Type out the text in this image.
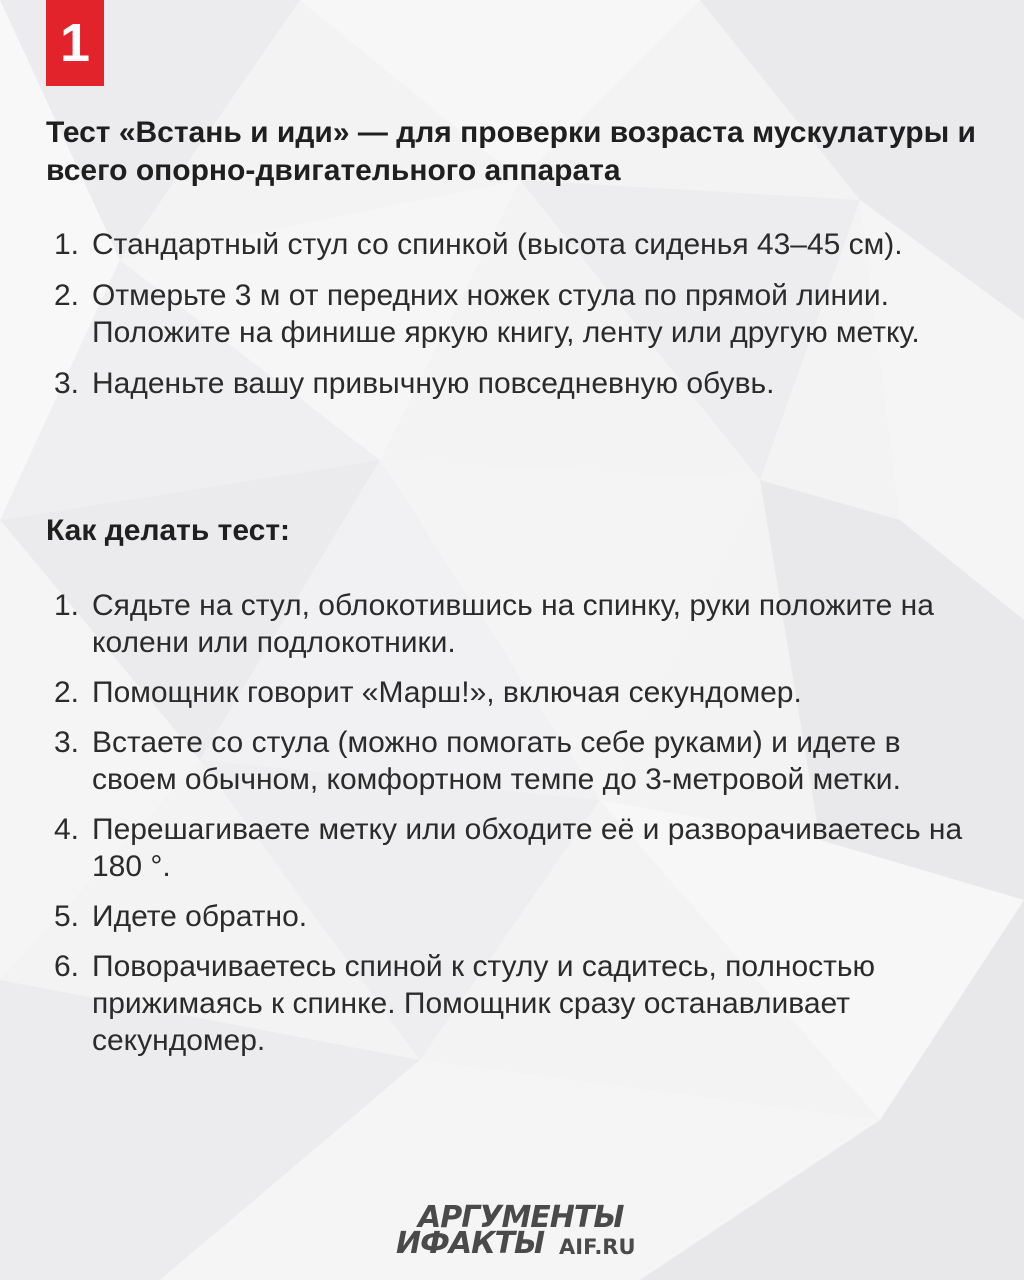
1
Тест «Встань и иди» — для проверки возраста мускулатуры и всего опорно-двигательного аппарата
1. Стандартный стул со спинкой (высота сиденья 43–45 см).
2. Отмерьте 3 м от передних ножек стула по прямой линии. Положите на финише яркую книгу, ленту или другую метку.
3. Наденьте вашу привычную повседневную обувь.
Как делать тест:
1. Сядьте на стул, облокотившись на спинку, руки положите на колени или подлокотники.
2. Помощник говорит «Марш!», включая секундомер.
3. Встаете со стула (можно помогать себе руками) и идете в своем обычном, комфортном темпе до 3-метровой метки.
4. Перешагиваете метку или обходите её и разворачиваетесь на 180 °.
5. Идете обратно.
6. Поворачиваетесь спиной к стулу и садитесь, полностью прижимаясь к спинке. Помощник сразу останавливает секундомер.
АРГУМЕНТЫ
ИФАКТЫ AIF.RU
